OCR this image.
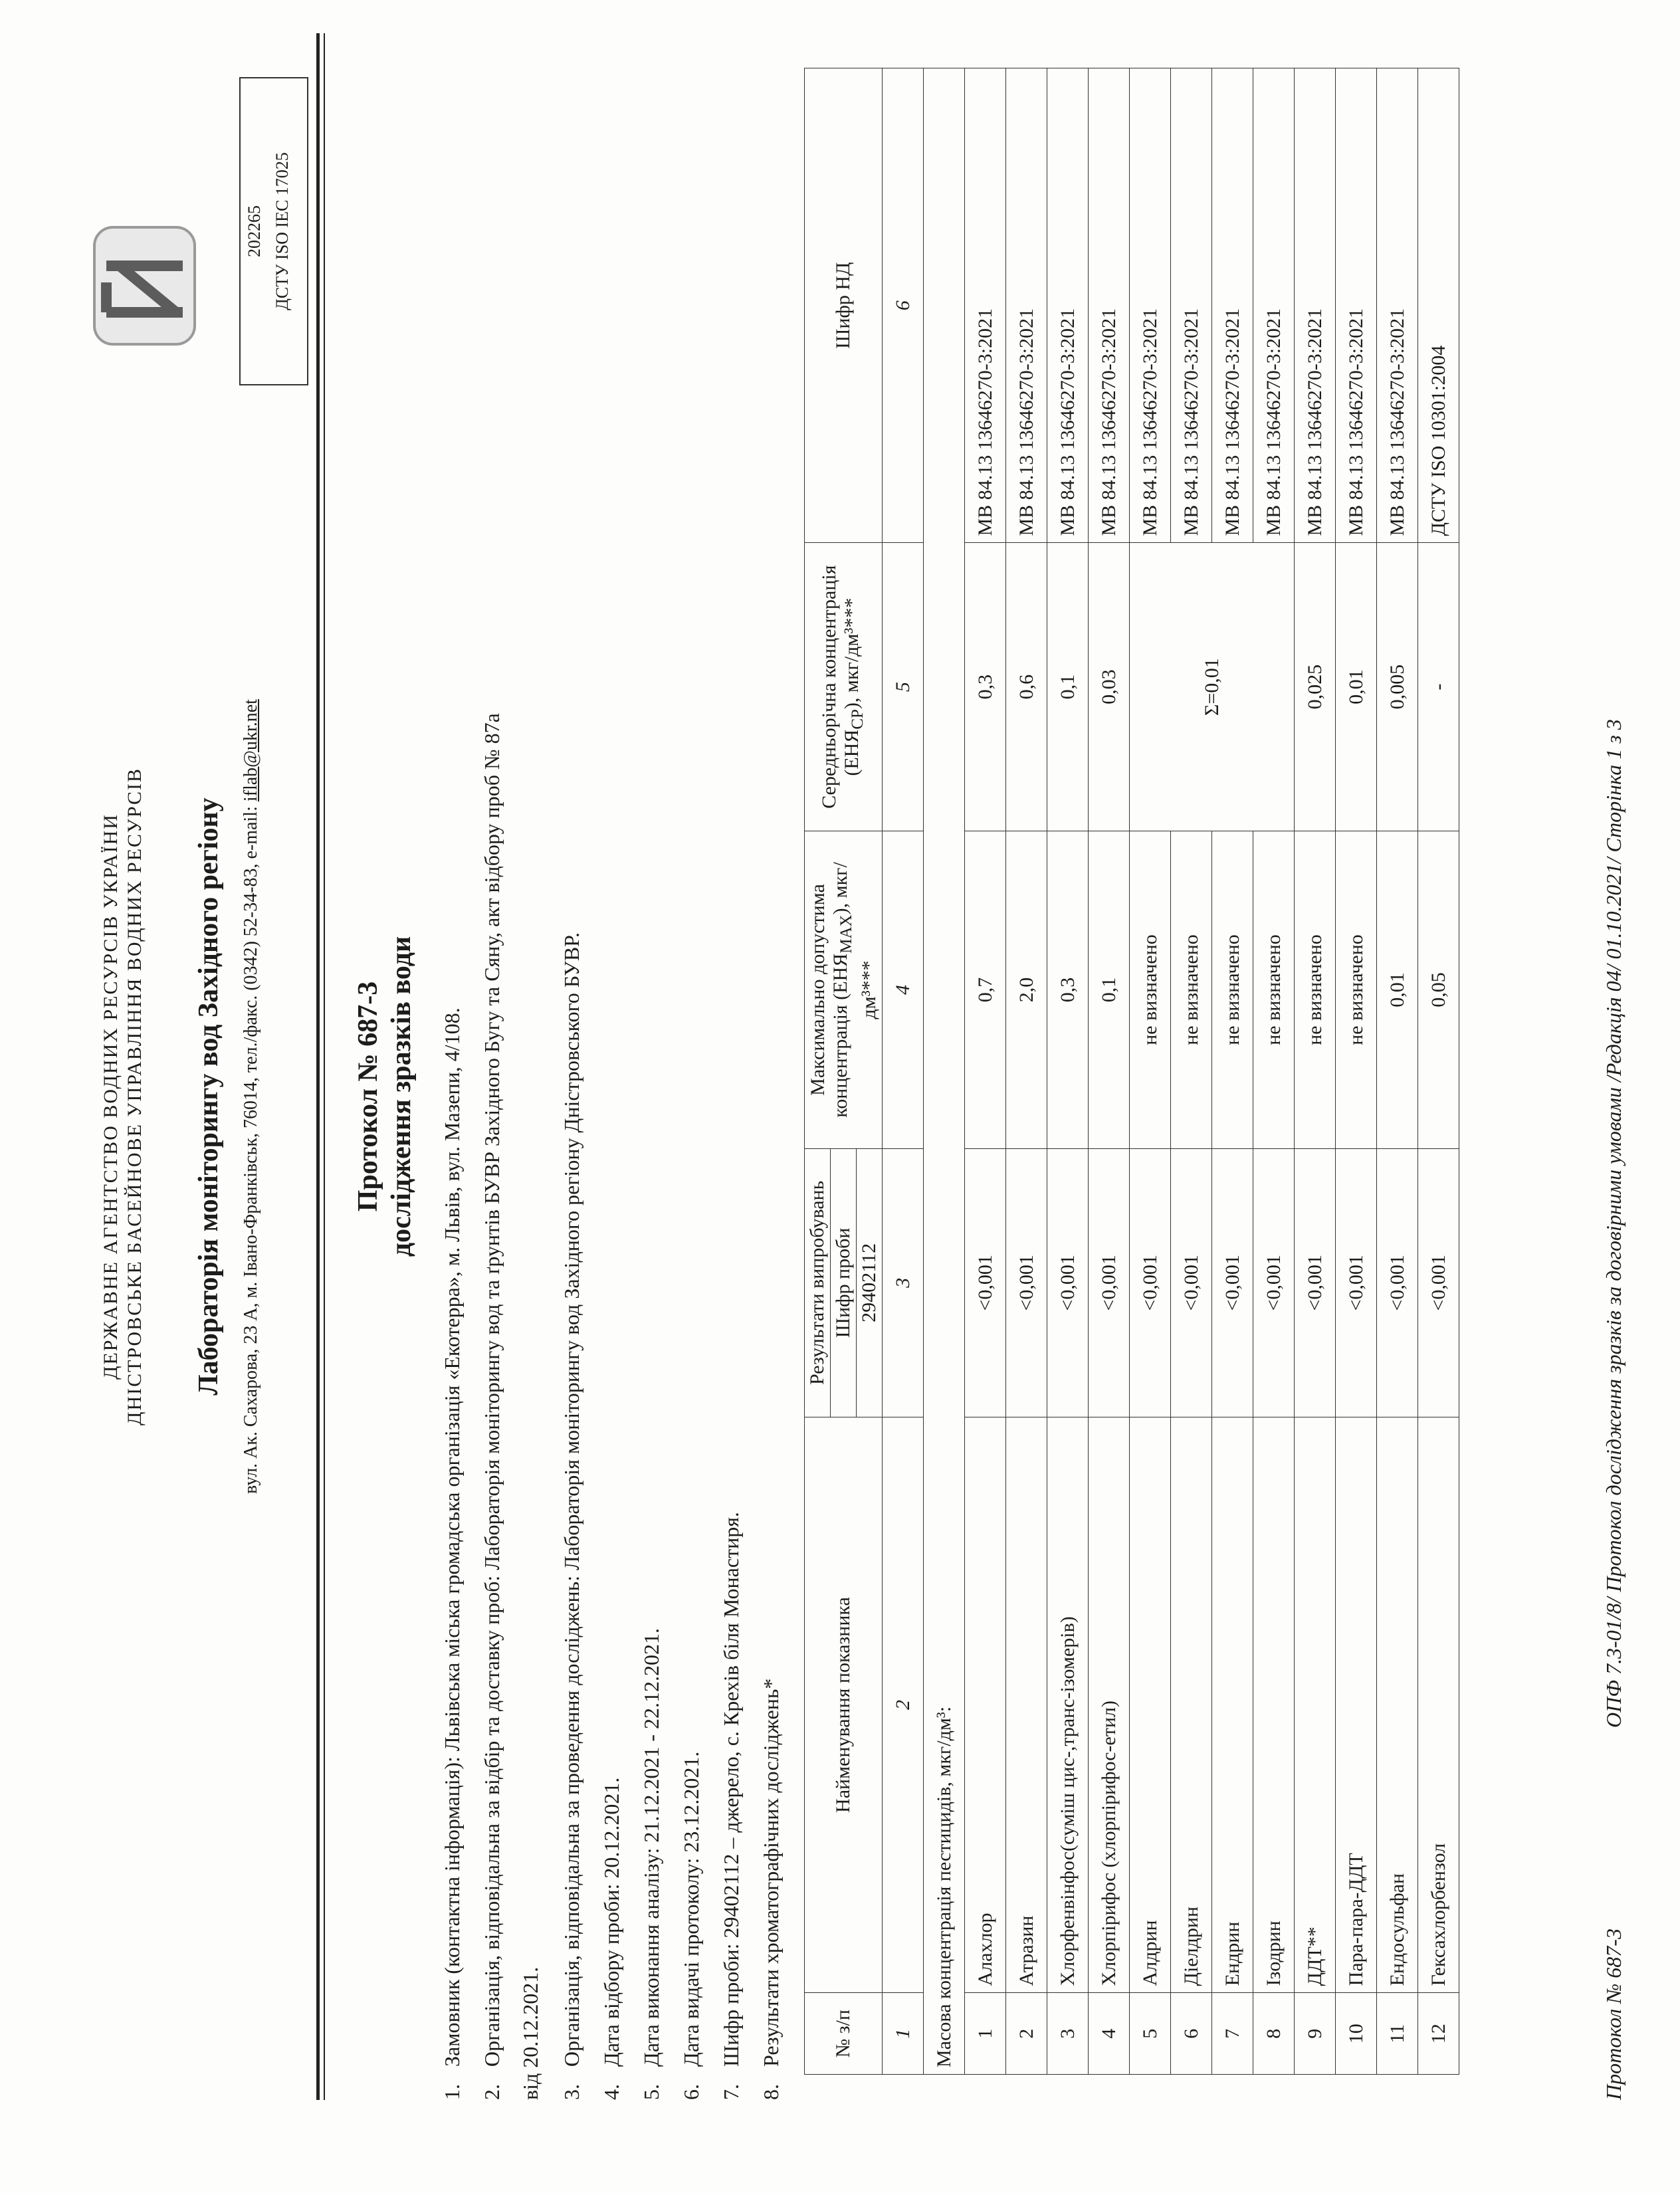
202265 ДСТУ ISO IEC 17025
ДЕРЖАВНЕ АГЕНТСТВО ВОДНИХ РЕСУРСІВ УКРАЇНИ ДНІСТРОВСЬКЕ БАСЕЙНОВЕ УПРАВЛІННЯ ВОДНИХ РЕСУРСІВ Лабораторія моніторингу вод Західного регіону вул. Ак. Сахарова, 23 А, м. Івано-Франківськ, 76014, тел./факс. (0342) 52-34-83, e-mail: iflab@ukr.net
Протокол № 687-3 дослідження зразків води
1.Замовник (контактна інформація): Львівська міська громадська організація «Екотерра», м. Львів, вул. Мазепи, 4/108.
2.Організація, відповідальна за відбір та доставку проб: Лабораторія моніторингу вод та ґрунтів БУВР Західного Бугу та Сяну, акт відбору проб № 87а від 20.12.2021. 3.Організація, відповідальна за проведення досліджень: Лабораторія моніторингу вод Західного регіону Дністровського БУВР.
4.Дата відбору проби: 20.12.2021.
5.Дата виконання аналізу: 21.12.2021 - 22.12.2021.
6.Дата видачі протоколу: 23.12.2021.
7.Шифр проби: 29402112 – джерело, с. Крехів біля Монастиря.
8.Результати хроматографічних досліджень* № з/п	Найменування показника	Результати випробувань	Максимально допустима концентрація $(ЕНЯ_{МАХ})$, мкг/дм³***	Середньорічна концентрація $(ЕНЯ_{СР})$, мкг/дм³***	Шифр НД
		Шифр проби			
		29402112			
1	2	3	4	5	6
Масова концентрація пестицидів, мкг/дм³:					
1	Алахлор	<0,001	0,7	0,3	МВ 84.13 13646270-3:2021
2	Атразин	<0,001	2,0	0,6	МВ 84.13 13646270-3:2021
3	Хлорфенвінфос(суміш цис-,транс-ізомерів)	<0,001	0,3	0,1	МВ 84.13 13646270-3:2021
4	Хлорпірифос (хлорпірифос-етил)	<0,001	0,1	0,03	МВ 84.13 13646270-3:2021
5	Алдрин	<0,001	не визначено	Σ=0,01	МВ 84.13 13646270-3:2021
6	Діелдрин	<0,001	не визначено		МВ 84.13 13646270-3:2021
7	Ендрин	<0,001	не визначено		МВ 84.13 13646270-3:2021
8	Ізодрин	<0,001	не визначено		МВ 84.13 13646270-3:2021
9	ДДТ**	<0,001	не визначено	0,025	МВ 84.13 13646270-3:2021
10	Пара-пара-ДДТ	<0,001	не визначено	0,01	МВ 84.13 13646270-3:2021
11	Ендосульфан	<0,001	0,01	0,005	МВ 84.13 13646270-3:2021
12	Гексахлорбензол	<0,001	0,05	-	ДСТУ ISO 10301:2004
Протокол № 687-3
ОПФ 7.3-01/8/ Протокол дослідження зразків за договірними умовами /Редакція 04/ 01.10.2021/ Сторінка 1 з 3
